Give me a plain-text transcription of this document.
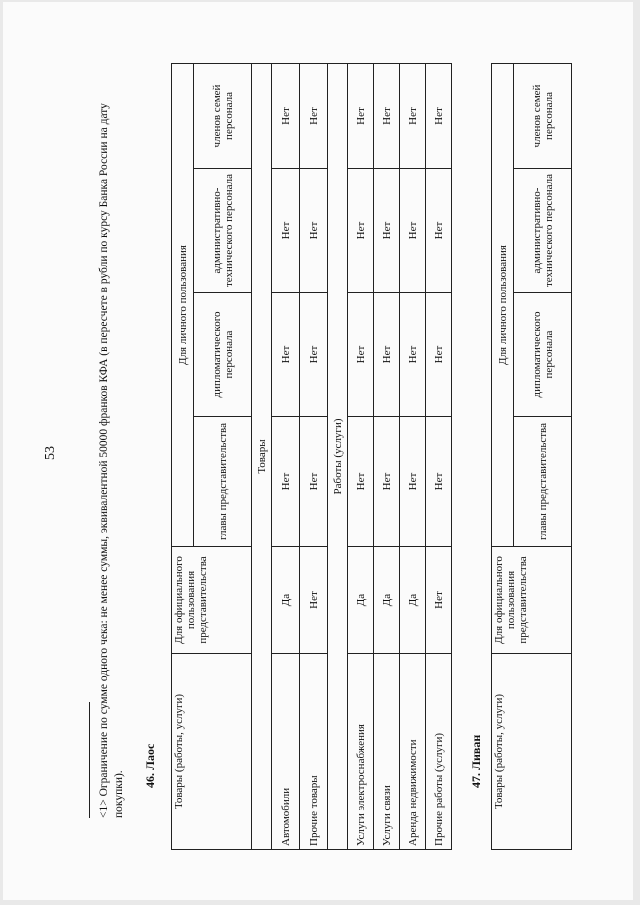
53	<1> Ограничение по сумме одного чека: не менее суммы, эквивалентной 50000 франков КФА (в пересчете в рубли по курсу Банка России на дату покупки).
46. Лаос Товары (работы, услуги)	Для официального пользования представительства	Для личного пользования			
		главы представительства	дипломатического персонала	административно-технического персонала	членов семей персонала
Товары					
Автомобили	Да	Нет	Нет	Нет	Нет
Прочие товары	Нет	Нет	Нет	Нет	Нет
Работы (услуги)					
Услуги электроснабжения	Да	Нет	Нет	Нет	Нет
Услуги связи	Да	Нет	Нет	Нет	Нет
Аренда недвижимости	Да	Нет	Нет	Нет	Нет
Прочие работы (услуги)	Нет	Нет	Нет	Нет	Нет
47. Ливан Товары (работы, услуги)	Для официального пользования представительства	Для личного пользования			
		главы представительства	дипломатического персонала	административно-технического персонала	членов семей персонала
